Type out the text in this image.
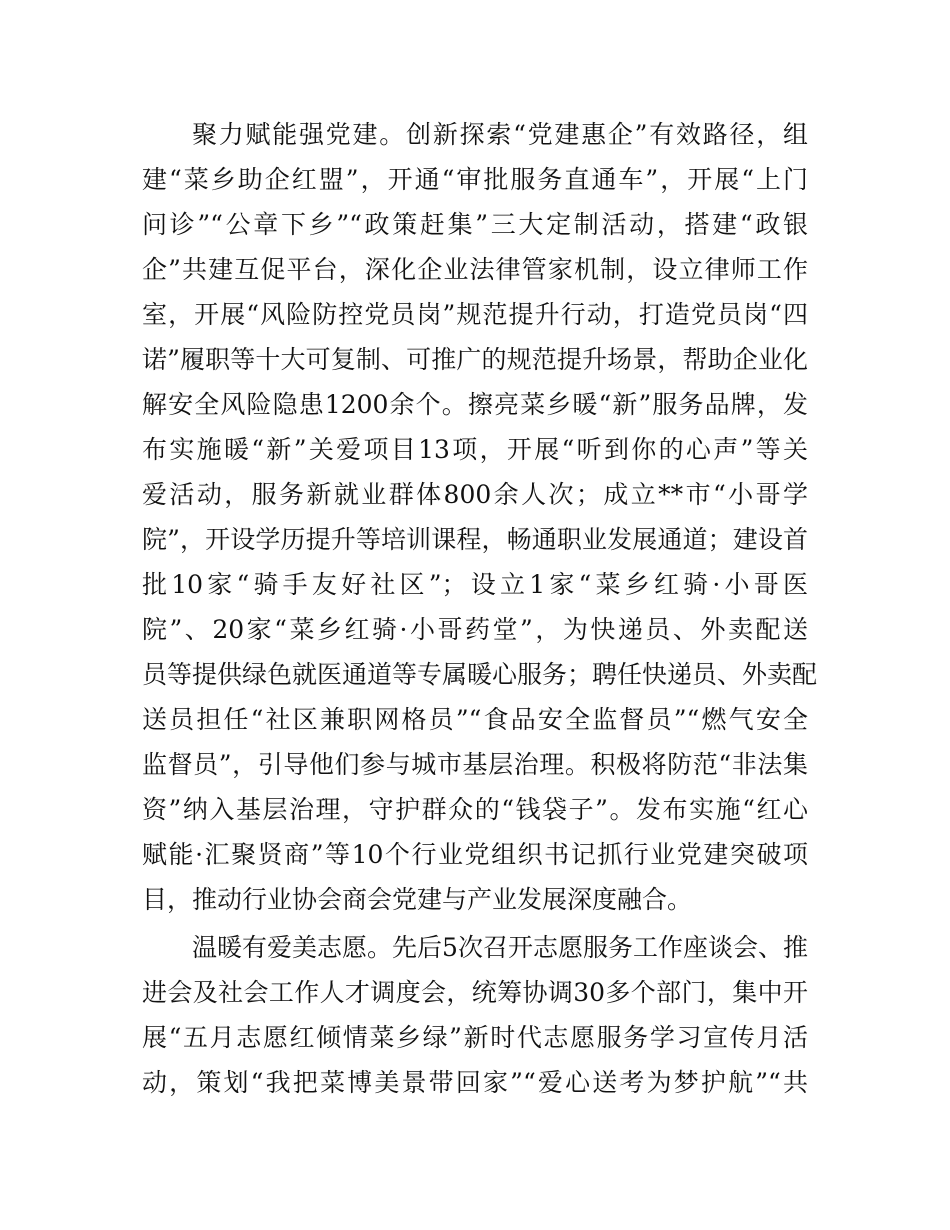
聚力赋能强党建。创新探索“党建惠企”有效路径，组
建“菜乡助企红盟”，开通“审批服务直通车”，开展“上门
问诊”“公章下乡”“政策赶集”三大定制活动，搭建“政银
企”共建互促平台，深化企业法律管家机制，设立律师工作
室，开展“风险防控党员岗”规范提升行动，打造党员岗“四
诺”履职等十大可复制、可推广的规范提升场景，帮助企业化
解安全风险隐患1200余个。擦亮菜乡暖“新”服务品牌，发
布实施暖“新”关爱项目13项，开展“听到你的心声”等关
爱活动，服务新就业群体800余人次；成立**市“小哥学
院”，开设学历提升等培训课程，畅通职业发展通道；建设首
批10家“骑手友好社区”；设立1家“菜乡红骑·小哥医
院”、20家“菜乡红骑·小哥药堂”，为快递员、外卖配送
员等提供绿色就医通道等专属暖心服务；聘任快递员、外卖配
送员担任“社区兼职网格员”“食品安全监督员”“燃气安全
监督员”，引导他们参与城市基层治理。积极将防范“非法集
资”纳入基层治理，守护群众的“钱袋子”。发布实施“红心
赋能·汇聚贤商”等10个行业党组织书记抓行业党建突破项
目，推动行业协会商会党建与产业发展深度融合。
温暖有爱美志愿。先后5次召开志愿服务工作座谈会、推
进会及社会工作人才调度会，统筹协调30多个部门，集中开
展“五月志愿红倾情菜乡绿”新时代志愿服务学习宣传月活
动，策划“我把菜博美景带回家”“爱心送考为梦护航”“共
